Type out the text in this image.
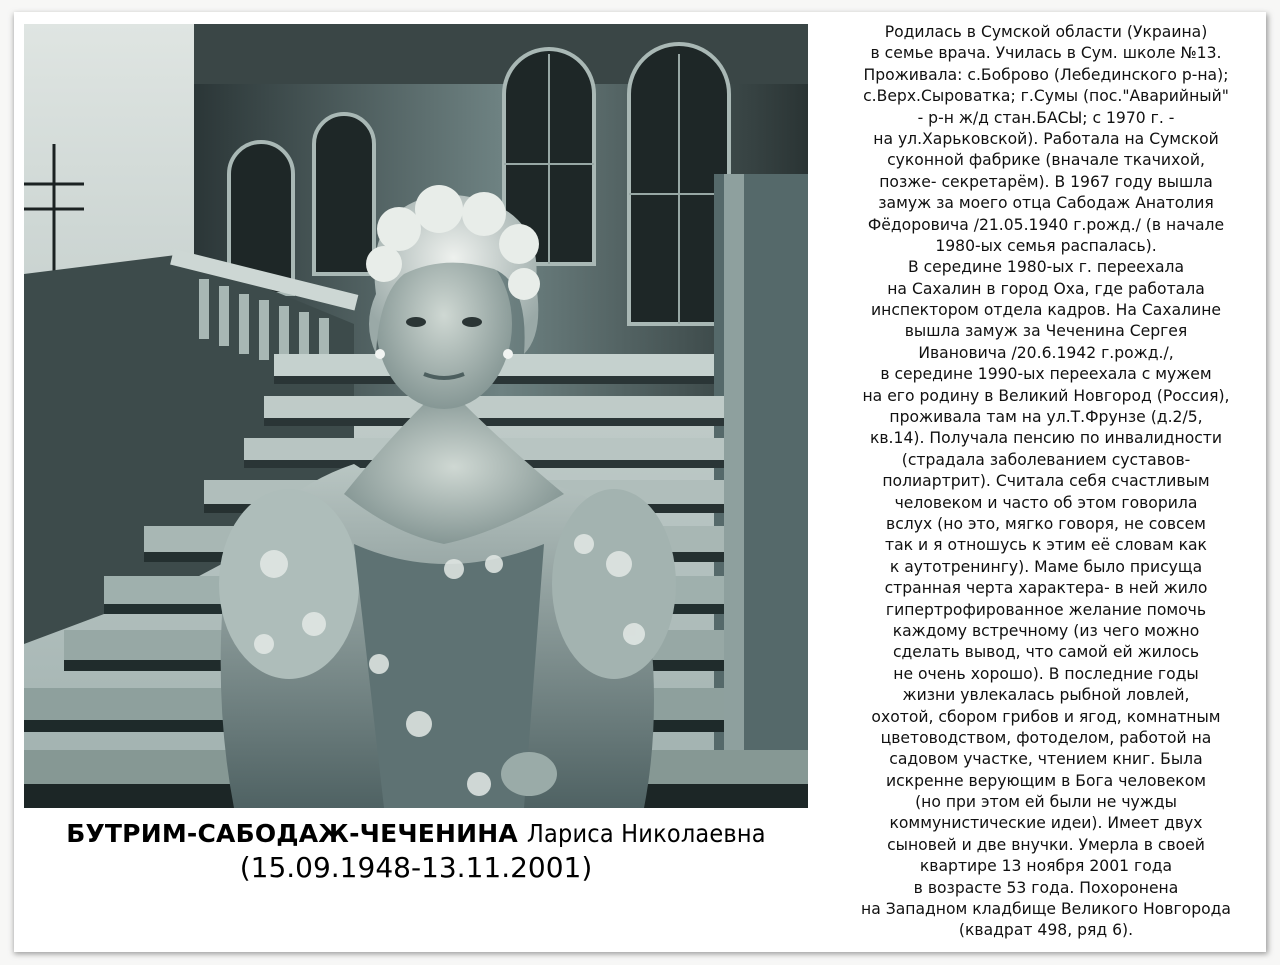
БУТРИМ-САБОДАЖ-ЧЕЧЕНИНА Лариса Николаевна
(15.09.1948-13.11.2001)
Родилась в Сумской области (Украина)
в семье врача. Училась в Сум. школе №13.
Проживала: с.Боброво (Лебединского р-на);
с.Верх.Сыроватка; г.Сумы (пос."Аварийный"
- р-н ж/д стан.БАСЫ; с 1970 г. -
на ул.Харьковской). Работала на Сумской
суконной фабрике (вначале ткачихой,
позже- секретарём). В 1967 году вышла
замуж за моего отца Сабодаж Анатолия
Фёдоровича /21.05.1940 г.рожд./ (в начале
1980-ых семья распалась).
В середине 1980-ых г. переехала
на Сахалин в город Оха, где работала
инспектором отдела кадров. На Сахалине
вышла замуж за Чеченина Сергея
Ивановича /20.6.1942 г.рожд./,
в середине 1990-ых переехала с мужем
на его родину в Великий Новгород (Россия),
проживала там на ул.Т.Фрунзе (д.2/5,
кв.14). Получала пенсию по инвалидности
(страдала заболеванием суставов-
полиартрит). Считала себя счастливым
человеком и часто об этом говорила
вслух (но это, мягко говоря, не совсем
так и я отношусь к этим её словам как
к аутотренингу). Маме было присуща
странная черта характера- в ней жило
гипертрофированное желание помочь
каждому встречному (из чего можно
сделать вывод, что самой ей жилось
не очень хорошо). В последние годы
жизни увлекалась рыбной ловлей,
охотой, сбором грибов и ягод, комнатным
цветоводством, фотоделом, работой на
садовом участке, чтением книг. Была
искренне верующим в Бога человеком
(но при этом ей были не чужды
коммунистические идеи). Имеет двух
сыновей и две внучки. Умерла в своей
квартире 13 ноября 2001 года
в возрасте 53 года. Похоронена
на Западном кладбище Великого Новгорода
(квадрат 498, ряд 6).
